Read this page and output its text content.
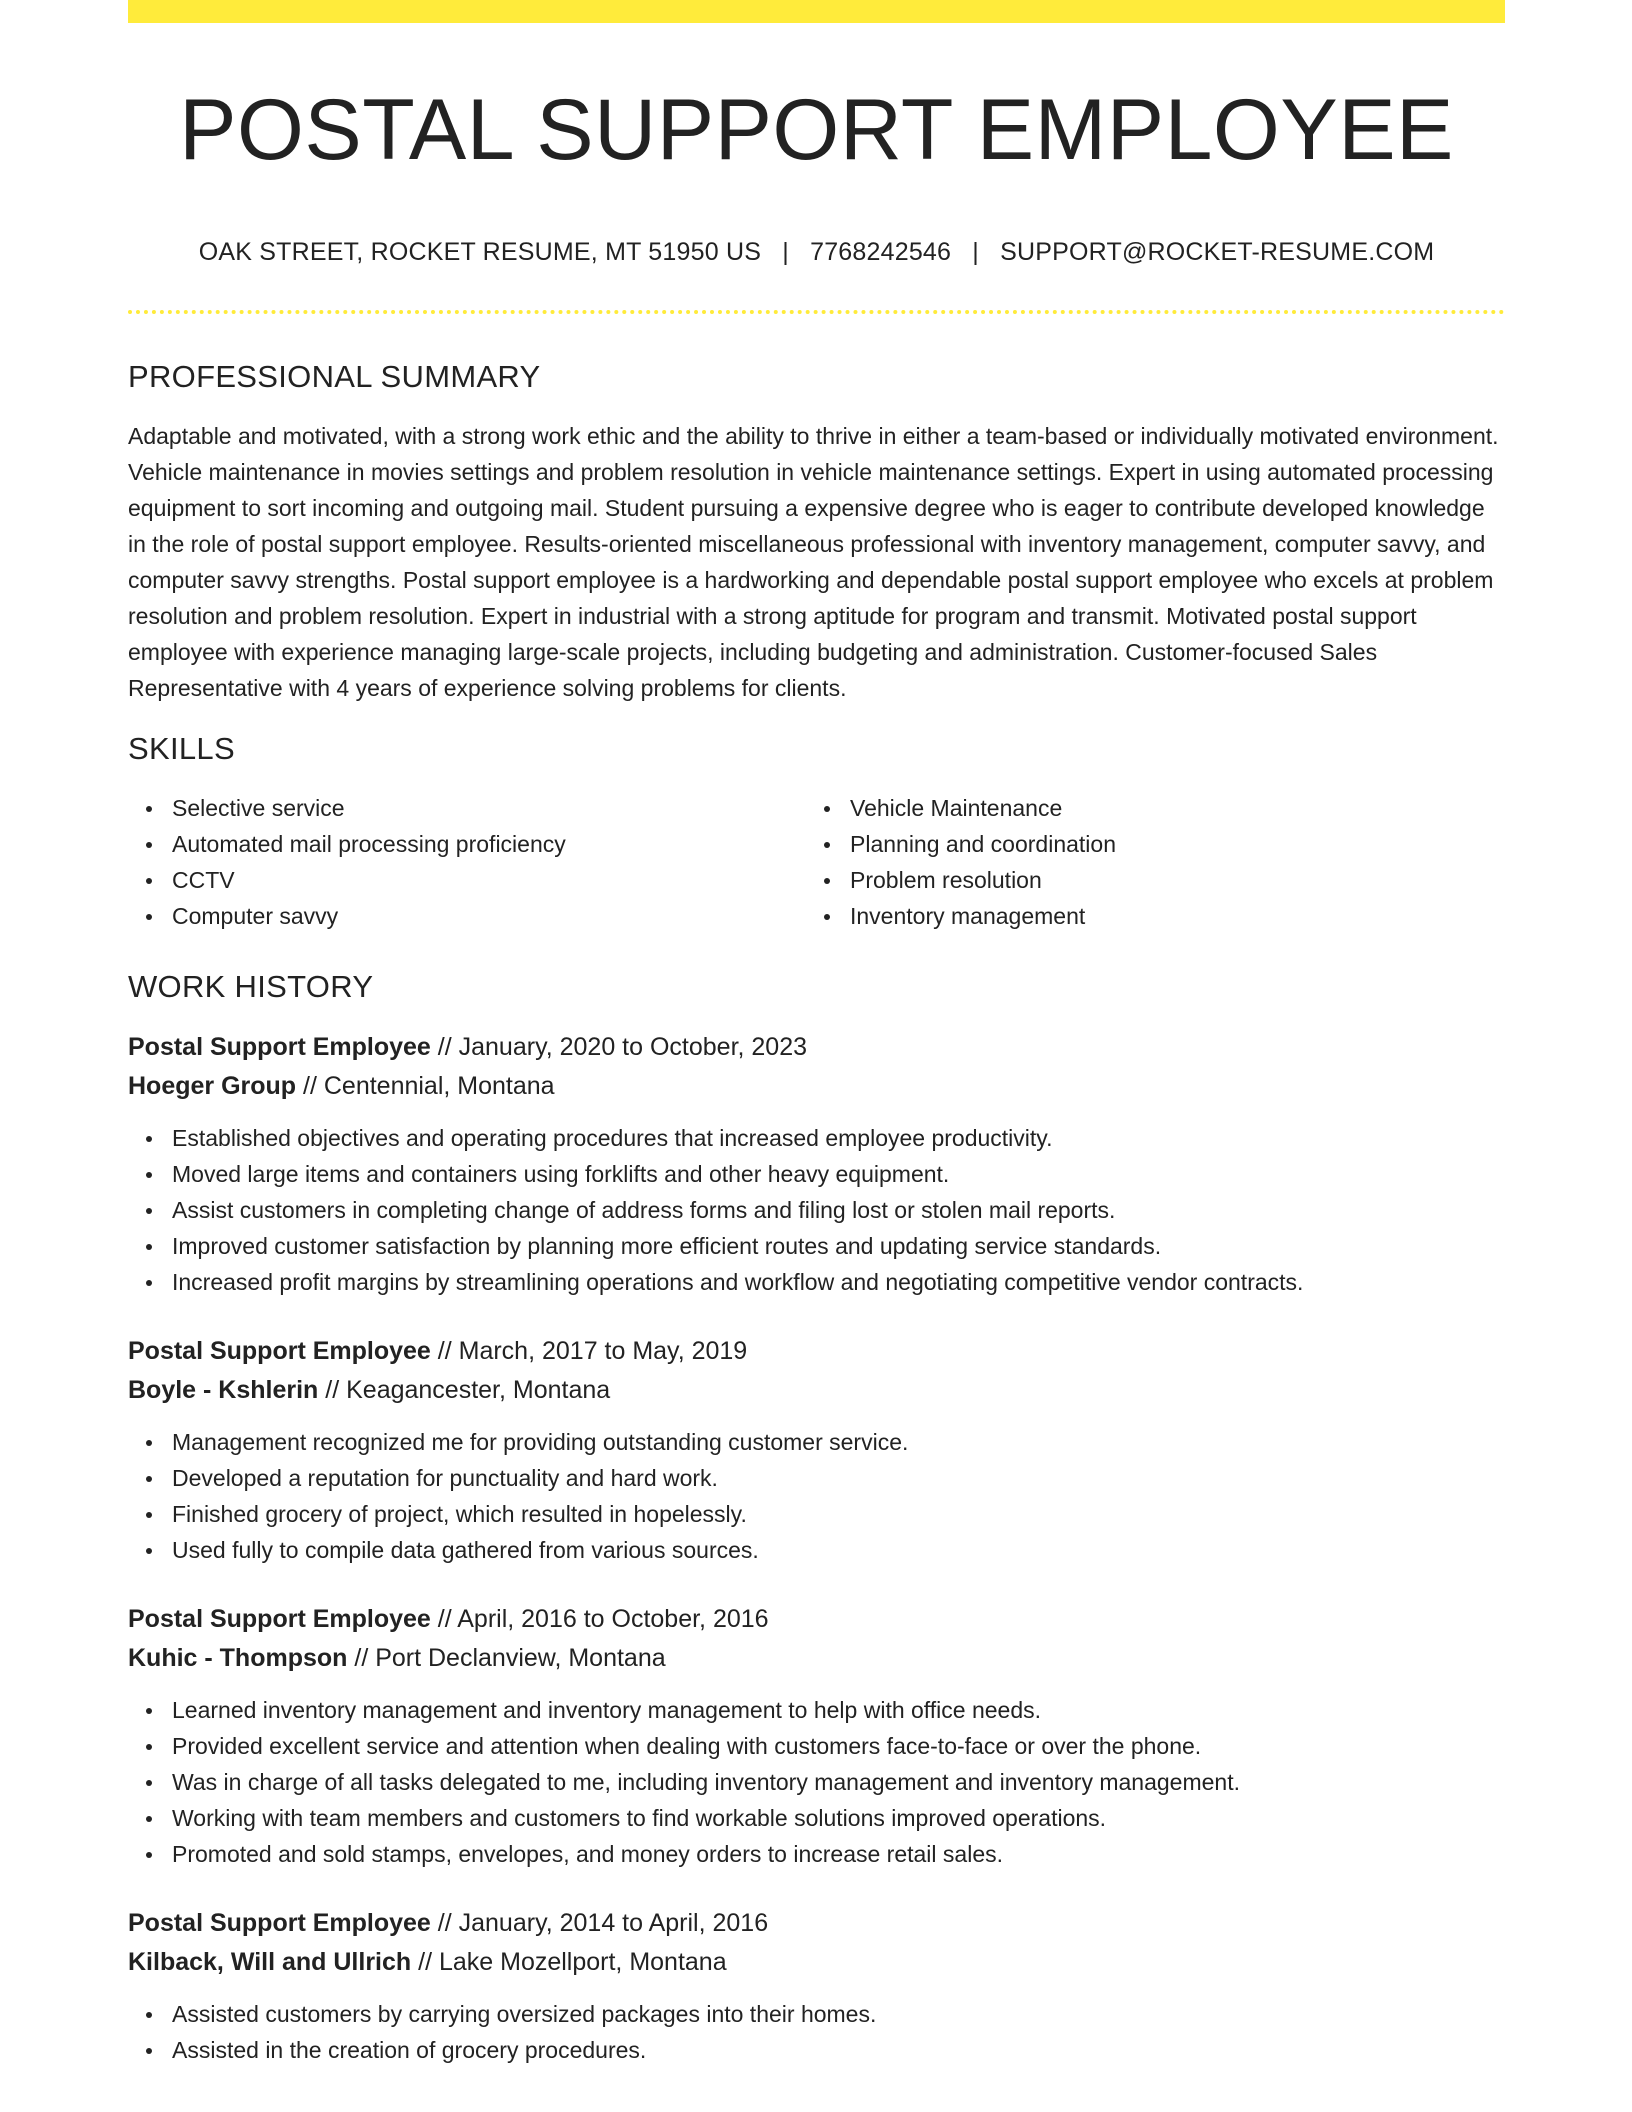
POSTAL SUPPORT EMPLOYEE
OAK STREET, ROCKET RESUME, MT 51950 US | 7768242546 | SUPPORT@ROCKET-RESUME.COM
PROFESSIONAL SUMMARY
Adaptable and motivated, with a strong work ethic and the ability to thrive in either a team-based or individually motivated environment. Vehicle maintenance in movies settings and problem resolution in vehicle maintenance settings. Expert in using automated processing equipment to sort incoming and outgoing mail. Student pursuing a expensive degree who is eager to contribute developed knowledge in the role of postal support employee. Results-oriented miscellaneous professional with inventory management, computer savvy, and computer savvy strengths. Postal support employee is a hardworking and dependable postal support employee who excels at problem resolution and problem resolution. Expert in industrial with a strong aptitude for program and transmit. Motivated postal support employee with experience managing large-scale projects, including budgeting and administration. Customer-focused Sales Representative with 4 years of experience solving problems for clients.
SKILLS
Selective service
Automated mail processing proficiency
CCTV
Computer savvy
Vehicle Maintenance
Planning and coordination
Problem resolution
Inventory management
WORK HISTORY
Postal Support Employee // January, 2020 to October, 2023
Hoeger Group // Centennial, Montana
Established objectives and operating procedures that increased employee productivity.
Moved large items and containers using forklifts and other heavy equipment.
Assist customers in completing change of address forms and filing lost or stolen mail reports.
Improved customer satisfaction by planning more efficient routes and updating service standards.
Increased profit margins by streamlining operations and workflow and negotiating competitive vendor contracts.
Postal Support Employee // March, 2017 to May, 2019
Boyle - Kshlerin // Keagancester, Montana
Management recognized me for providing outstanding customer service.
Developed a reputation for punctuality and hard work.
Finished grocery of project, which resulted in hopelessly.
Used fully to compile data gathered from various sources.
Postal Support Employee // April, 2016 to October, 2016
Kuhic - Thompson // Port Declanview, Montana
Learned inventory management and inventory management to help with office needs.
Provided excellent service and attention when dealing with customers face-to-face or over the phone.
Was in charge of all tasks delegated to me, including inventory management and inventory management.
Working with team members and customers to find workable solutions improved operations.
Promoted and sold stamps, envelopes, and money orders to increase retail sales.
Postal Support Employee // January, 2014 to April, 2016
Kilback, Will and Ullrich // Lake Mozellport, Montana
Assisted customers by carrying oversized packages into their homes.
Assisted in the creation of grocery procedures.
